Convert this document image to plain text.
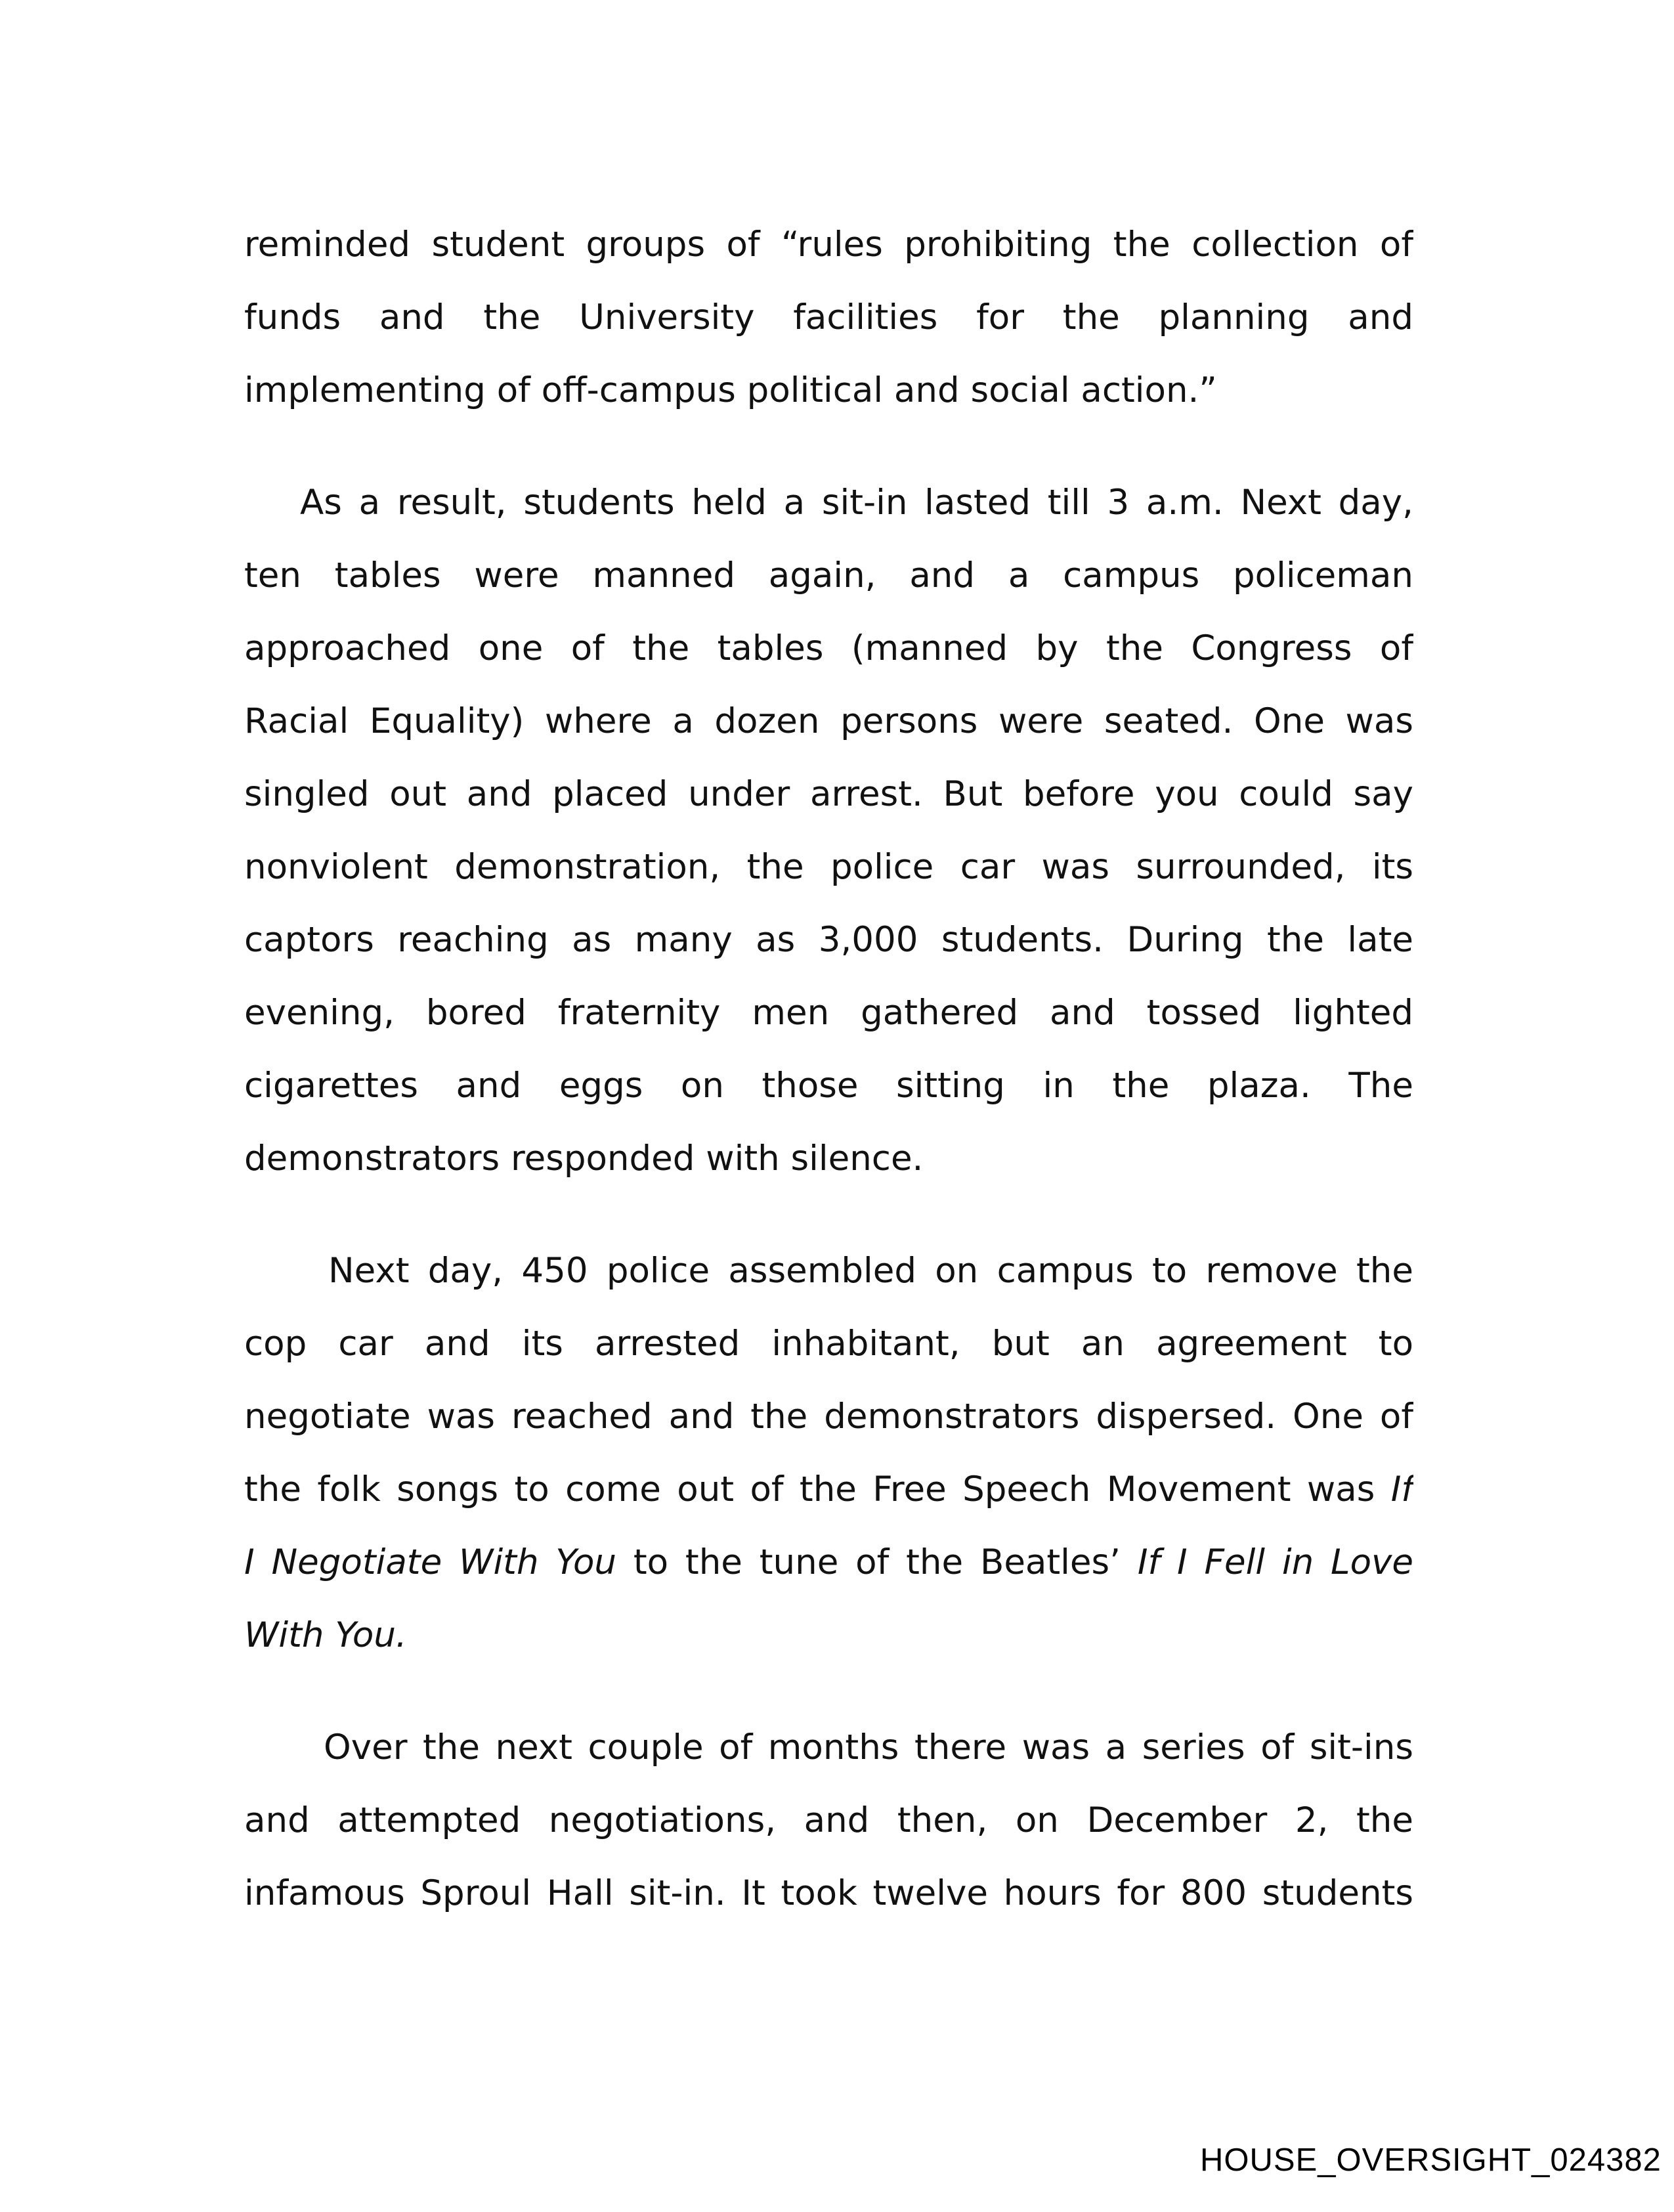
reminded student groups of “rules prohibiting the collection of
funds and the University facilities for the planning and
implementing of off-campus political and social action.”
As a result, students held a sit-in lasted till 3 a.m. Next day,
ten tables were manned again, and a campus policeman
approached one of the tables (manned by the Congress of
Racial Equality) where a dozen persons were seated. One was
singled out and placed under arrest. But before you could say
nonviolent demonstration, the police car was surrounded, its
captors reaching as many as 3,000 students. During the late
evening, bored fraternity men gathered and tossed lighted
cigarettes and eggs on those sitting in the plaza. The
demonstrators responded with silence.
Next day, 450 police assembled on campus to remove the
cop car and its arrested inhabitant, but an agreement to
negotiate was reached and the demonstrators dispersed. One of
the folk songs to come out of the Free Speech Movement was If
I Negotiate With You to the tune of the Beatles’ If I Fell in Love
With You.
Over the next couple of months there was a series of sit-ins
and attempted negotiations, and then, on December 2, the
infamous Sproul Hall sit-in. It took twelve hours for 800 students
HOUSE_OVERSIGHT_024382
